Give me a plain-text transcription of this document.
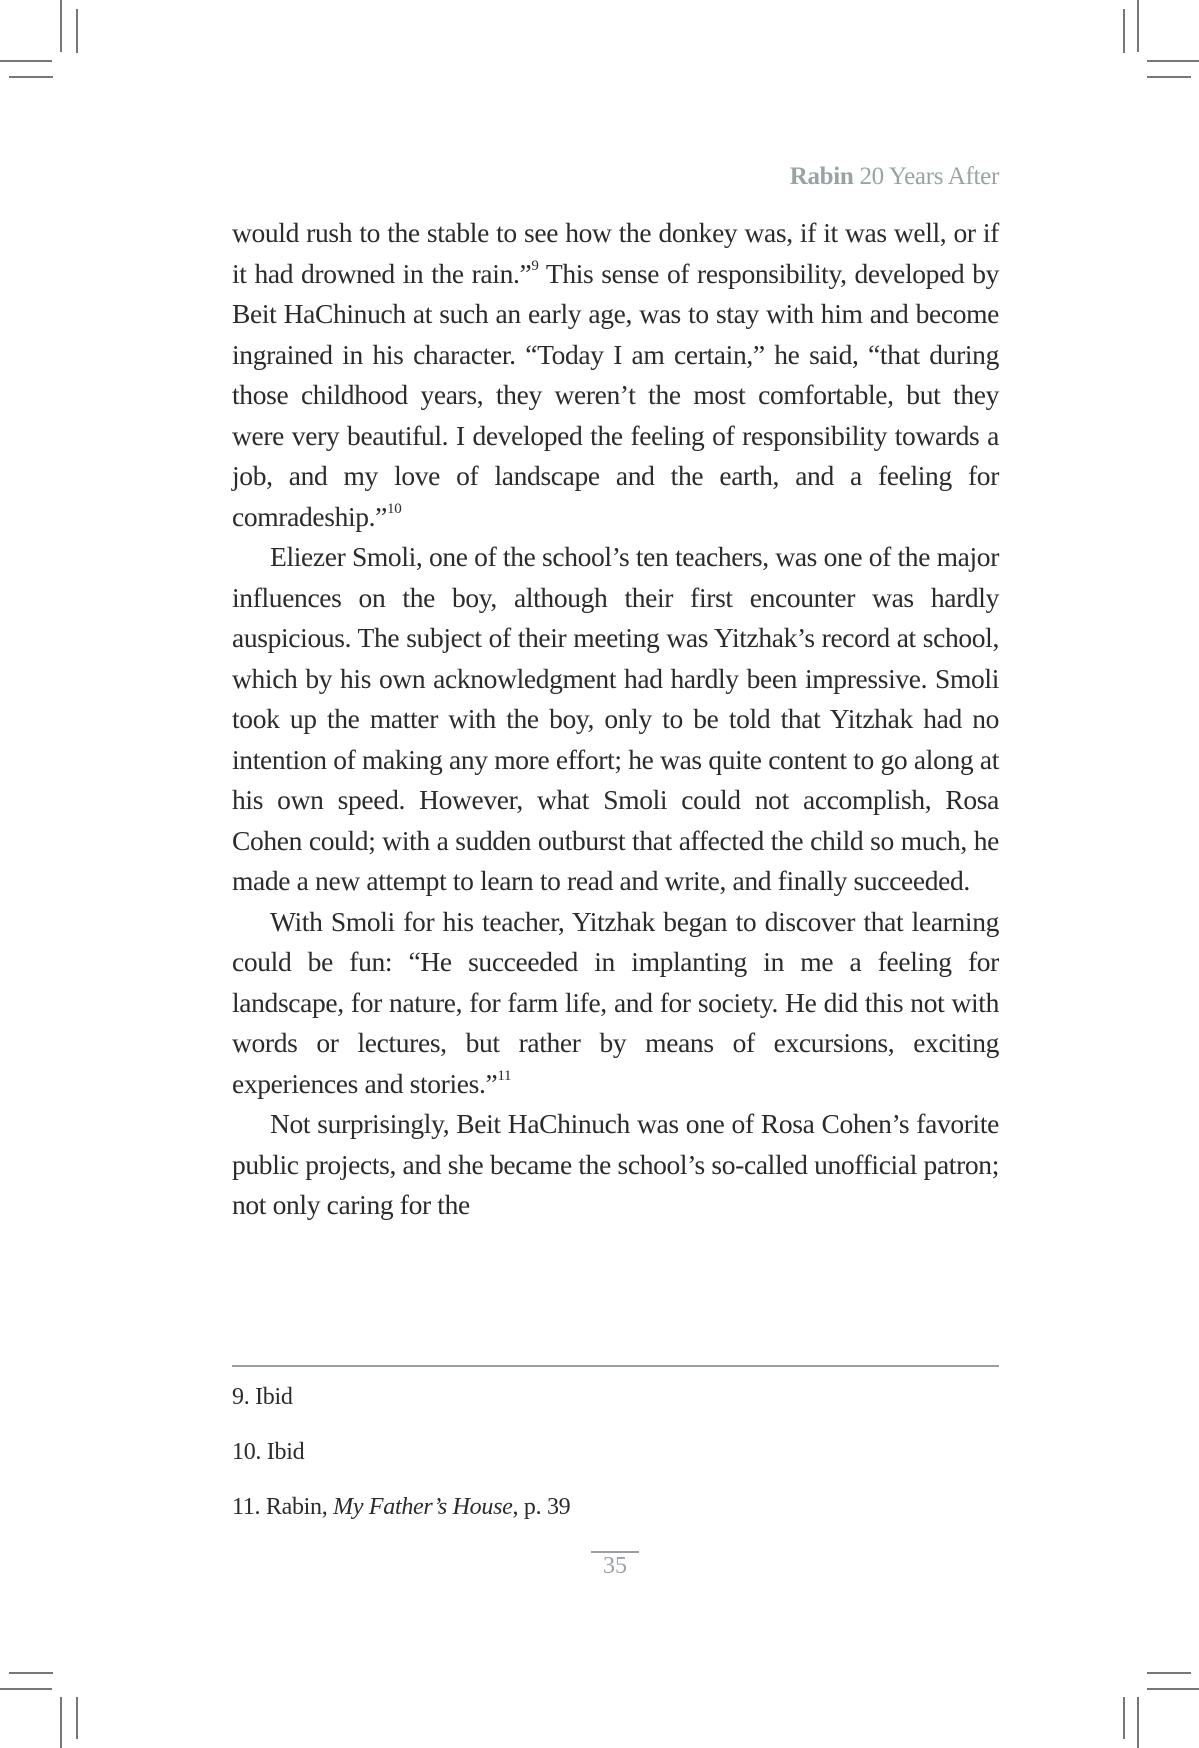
Rabin 20 Years After

would rush to the stable to see how the donkey was, if it was well, or if it had drowned in the rain.”$^9$ This sense of responsibility, developed by Beit HaChinuch at such an early age, was to stay with him and become ingrained in his character. “Today I am certain,” he said, “that during those childhood years, they weren’t the most comfortable, but they were very beautiful. I developed the feeling of responsibility towards a job, and my love of landscape and the earth, and a feeling for comradeship.”$^{10}$

Eliezer Smoli, one of the school’s ten teachers, was one of the major influences on the boy, although their first encounter was hardly auspicious. The subject of their meeting was Yitzhak’s record at school, which by his own acknowledgment had hardly been impressive. Smoli took up the matter with the boy, only to be told that Yitzhak had no intention of making any more effort; he was quite content to go along at his own speed. However, what Smoli could not accomplish, Rosa Cohen could; with a sudden outburst that affected the child so much, he made a new attempt to learn to read and write, and finally succeeded.

With Smoli for his teacher, Yitzhak began to discover that learning could be fun: “He succeeded in implanting in me a feeling for landscape, for nature, for farm life, and for society. He did this not with words or lectures, but rather by means of excursions, exciting experiences and stories.”$^{11}$

Not surprisingly, Beit HaChinuch was one of Rosa Cohen’s favorite public projects, and she became the school’s so-called unofficial patron; not only caring for the

9. Ibid
10. Ibid
11. Rabin, My Father’s House, p. 39
35
